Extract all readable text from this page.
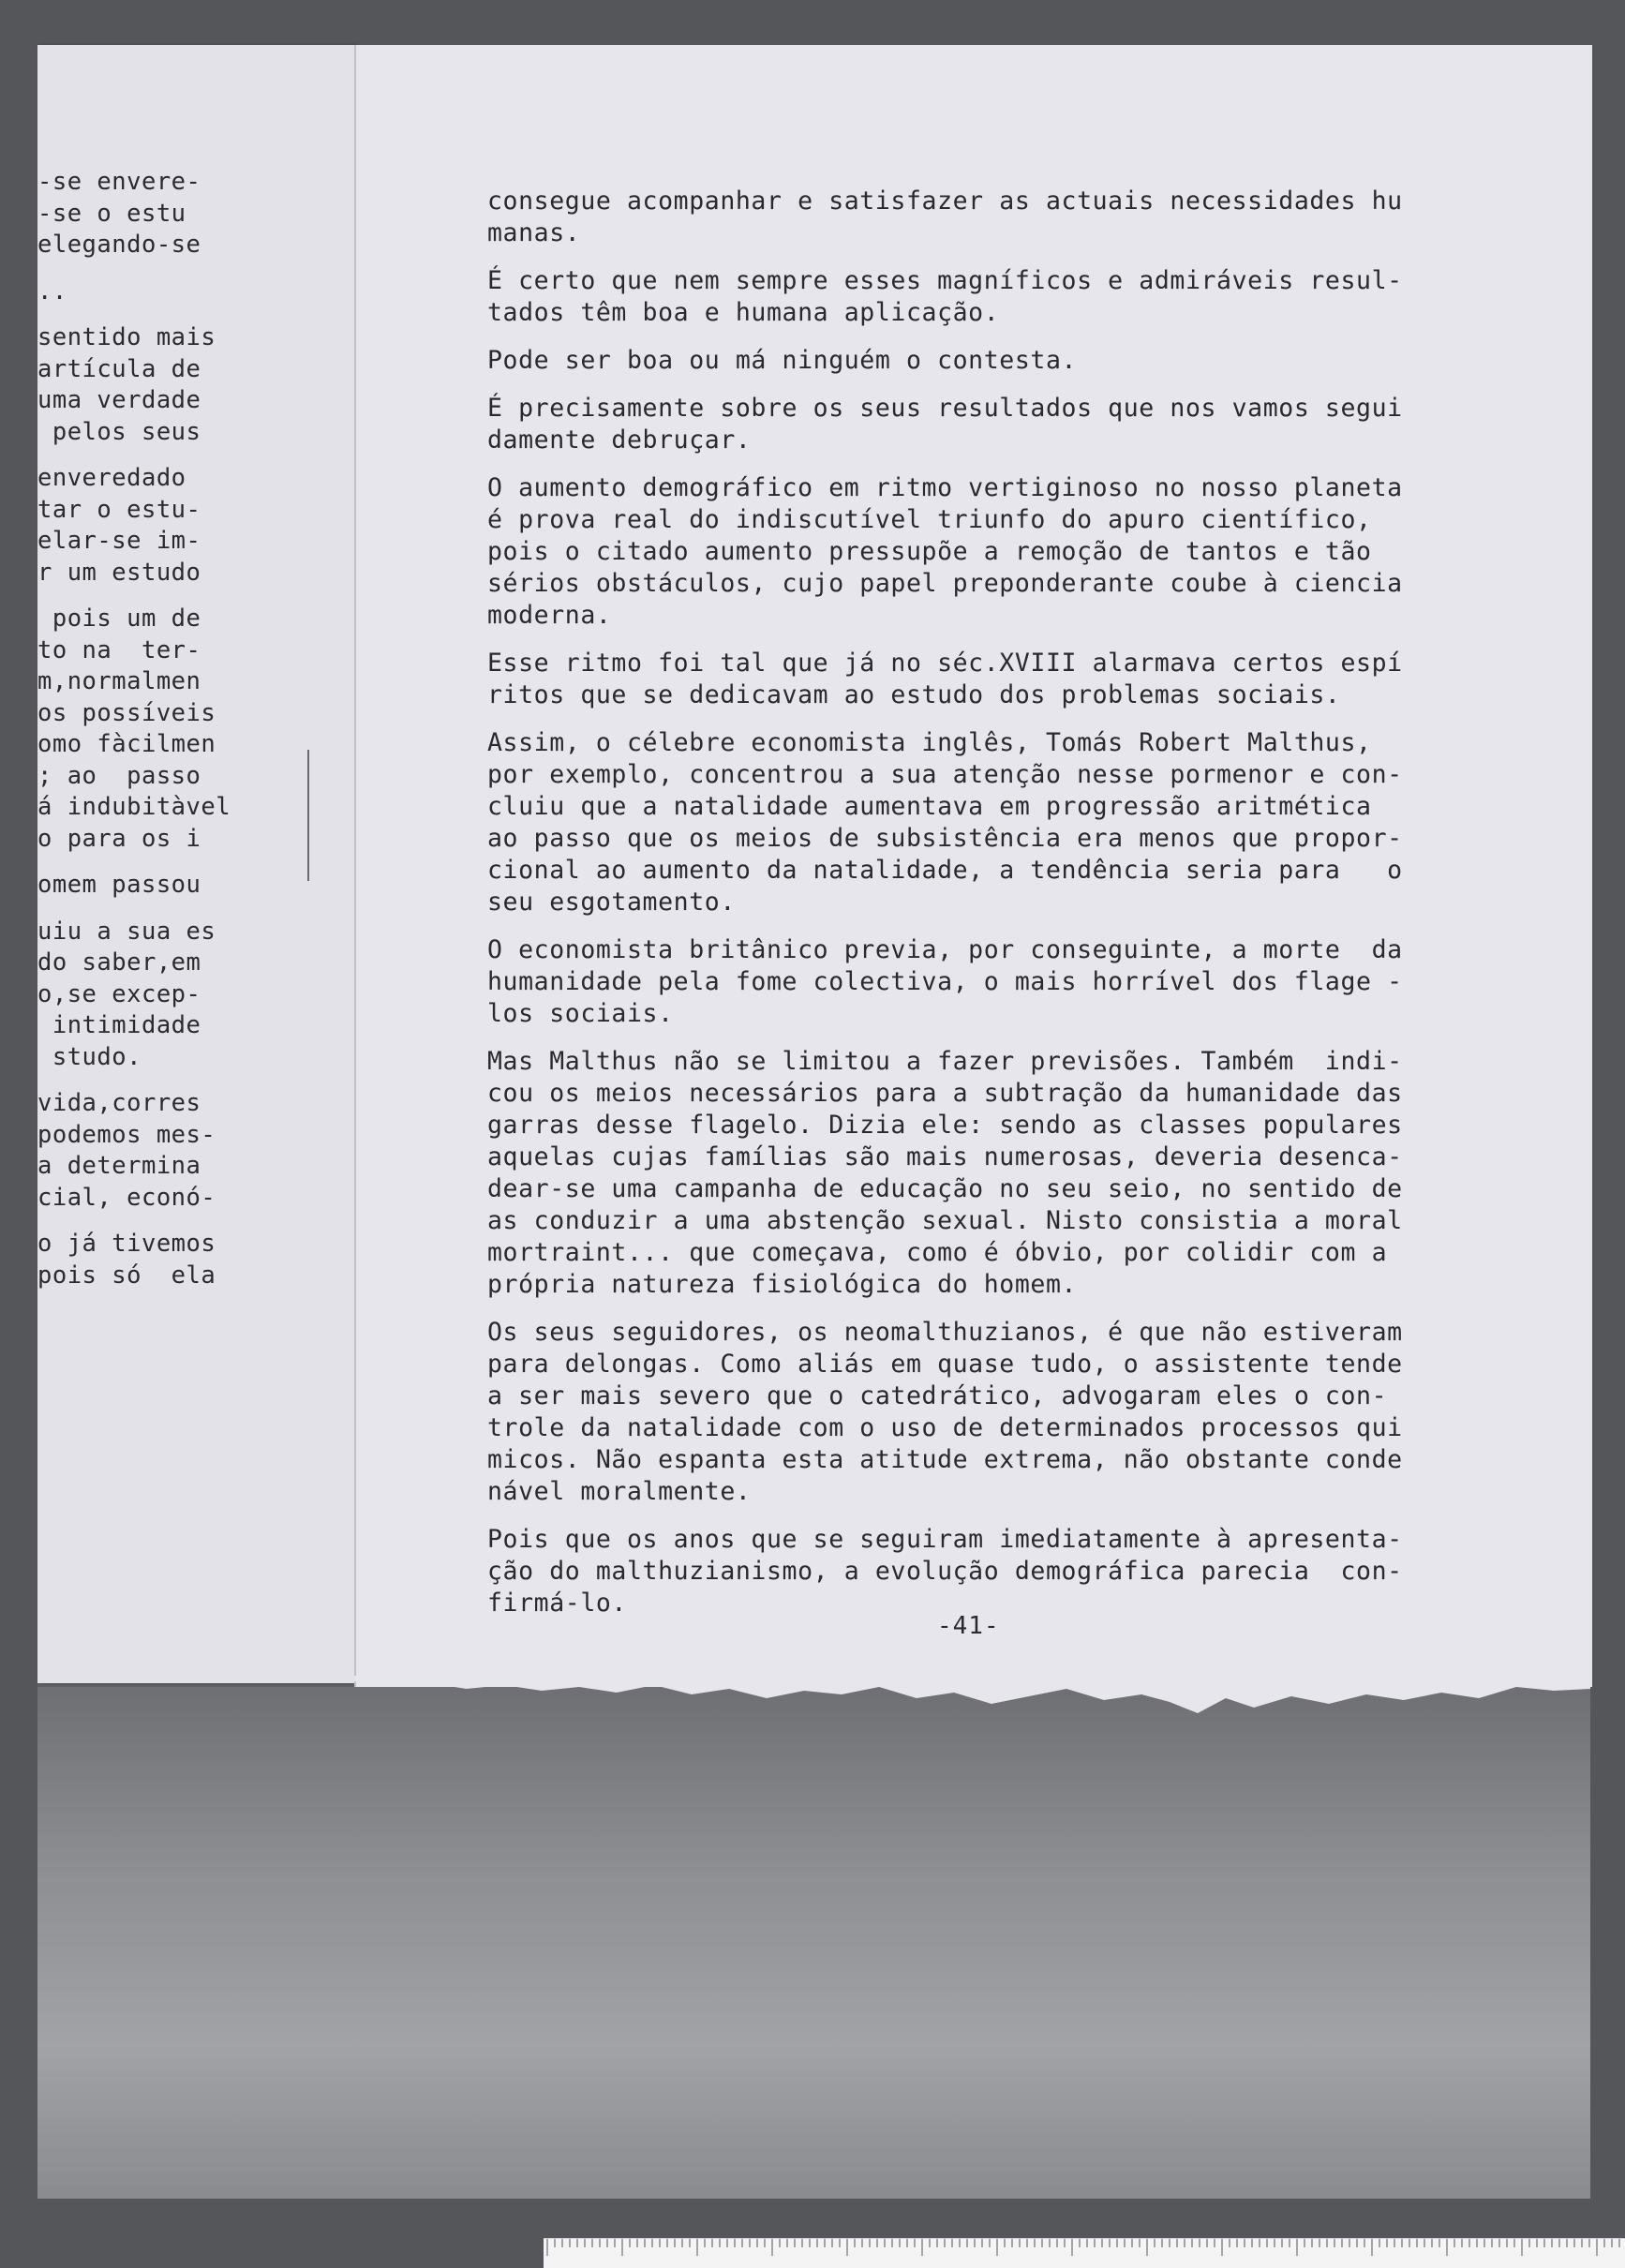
-se envere-
-se o estu
elegando-se
..
sentido mais
artícula de
uma verdade
pelos seus
enveredado
tar o estu-
elar-se im-
r um estudo
pois um de
to na  ter-
m,normalmen
os possíveis
omo fàcilmen
; ao  passo
á indubitàvel
o para os i
omem passou
uiu a sua es
do saber,em
o,se excep-
intimidade
studo.
vida,corres
podemos mes-
a determina
cial, econó-
o já tivemos
pois só  ela
consegue acompanhar e satisfazer as actuais necessidades hu
manas.
É certo que nem sempre esses magníficos e admiráveis resul-
tados têm boa e humana aplicação.
Pode ser boa ou má ninguém o contesta.
É precisamente sobre os seus resultados que nos vamos segui
damente debruçar.
O aumento demográfico em ritmo vertiginoso no nosso planeta
é prova real do indiscutível triunfo do apuro científico,
pois o citado aumento pressupõe a remoção de tantos e tão
sérios obstáculos, cujo papel preponderante coube à ciencia
moderna.
Esse ritmo foi tal que já no séc.XVIII alarmava certos espí
ritos que se dedicavam ao estudo dos problemas sociais.
Assim, o célebre economista inglês, Tomás Robert Malthus,
por exemplo, concentrou a sua atenção nesse pormenor e con-
cluiu que a natalidade aumentava em progressão aritmética
ao passo que os meios de subsistência era menos que propor-
cional ao aumento da natalidade, a tendência seria para   o
seu esgotamento.
O economista britânico previa, por conseguinte, a morte  da
humanidade pela fome colectiva, o mais horrível dos flage -
los sociais.
Mas Malthus não se limitou a fazer previsões. Também  indi-
cou os meios necessários para a subtração da humanidade das
garras desse flagelo. Dizia ele: sendo as classes populares
aquelas cujas famílias são mais numerosas, deveria desenca-
dear-se uma campanha de educação no seu seio, no sentido de
as conduzir a uma abstenção sexual. Nisto consistia a moral
mortraint... que começava, como é óbvio, por colidir com a
própria natureza fisiológica do homem.
Os seus seguidores, os neomalthuzianos, é que não estiveram
para delongas. Como aliás em quase tudo, o assistente tende
a ser mais severo que o catedrático, advogaram eles o con-
trole da natalidade com o uso de determinados processos qui
micos. Não espanta esta atitude extrema, não obstante conde
nável moralmente.
Pois que os anos que se seguiram imediatamente à apresenta-
ção do malthuzianismo, a evolução demográfica parecia  con-
firmá-lo.
-41-
